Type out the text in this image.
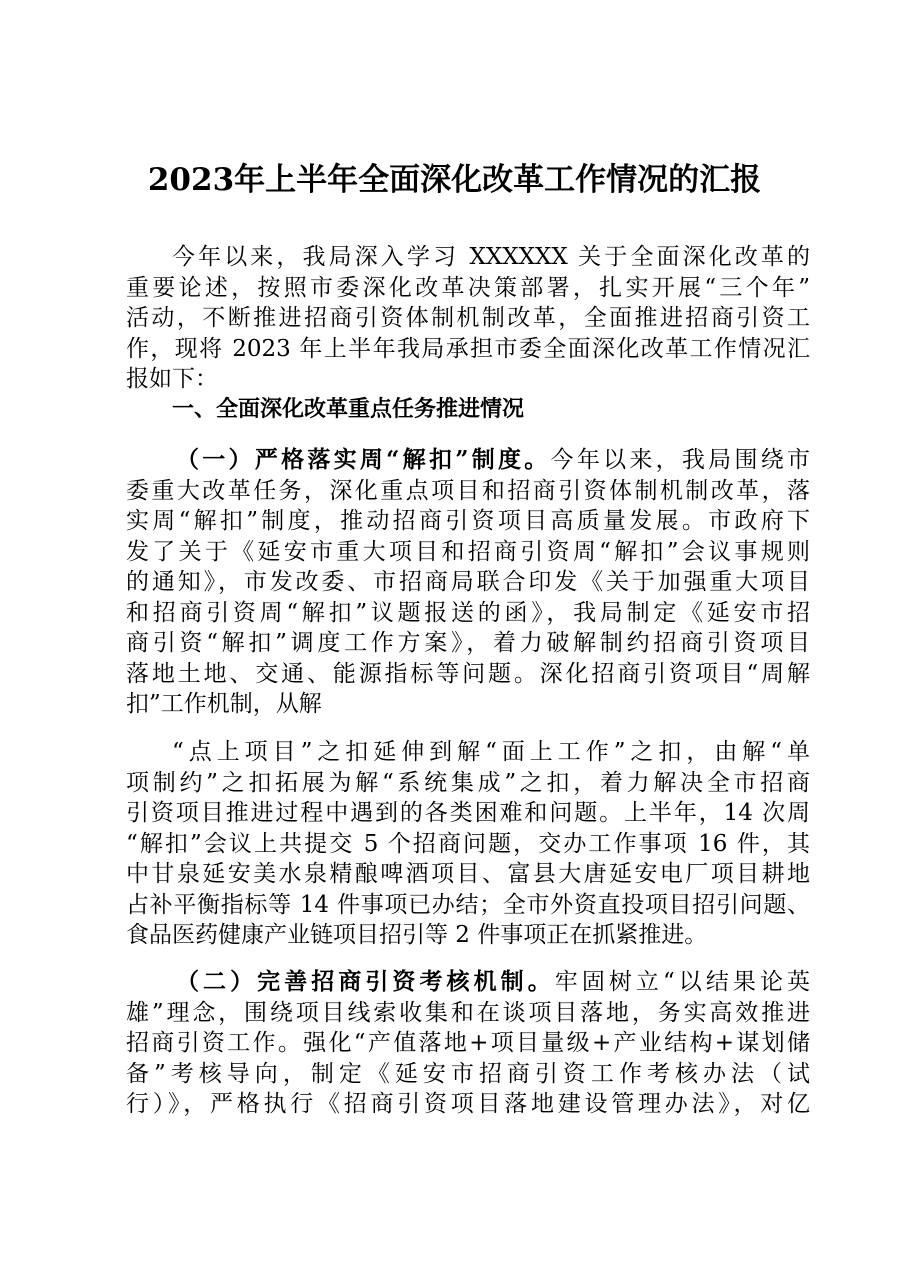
2023年上半年全面深化改革工作情况的汇报
今年以来，我局深入学习 XXXXXX 关于全面深化改革的
重要论述，按照市委深化改革决策部署，扎实开展“三个年”
活动，不断推进招商引资体制机制改革，全面推进招商引资工
作，现将 2023 年上半年我局承担市委全面深化改革工作情况汇
报如下：
一、全面深化改革重点任务推进情况
（一）严格落实周“解扣”制度。今年以来，我局围绕市
委重大改革任务，深化重点项目和招商引资体制机制改革，落
实周“解扣”制度，推动招商引资项目高质量发展。市政府下
发了关于《延安市重大项目和招商引资周“解扣”会议事规则
的通知》，市发改委、市招商局联合印发《关于加强重大项目
和招商引资周“解扣”议题报送的函》，我局制定《延安市招
商引资“解扣”调度工作方案》，着力破解制约招商引资项目
落地土地、交通、能源指标等问题。深化招商引资项目“周解
扣”工作机制，从解
“点上项目”之扣延伸到解“面上工作”之扣，由解“单
项制约”之扣拓展为解“系统集成”之扣，着力解决全市招商
引资项目推进过程中遇到的各类困难和问题。上半年，14 次周
“解扣”会议上共提交 5 个招商问题，交办工作事项 16 件，其
中甘泉延安美水泉精酿啤酒项目、富县大唐延安电厂项目耕地
占补平衡指标等 14 件事项已办结；全市外资直投项目招引问题、
食品医药健康产业链项目招引等 2 件事项正在抓紧推进。
（二）完善招商引资考核机制。牢固树立“以结果论英
雄”理念，围绕项目线索收集和在谈项目落地，务实高效推进
招商引资工作。强化“产值落地+项目量级+产业结构+谋划储
备”考核导向，制定《延安市招商引资工作考核办法（试
行）》，严格执行《招商引资项目落地建设管理办法》，对亿
